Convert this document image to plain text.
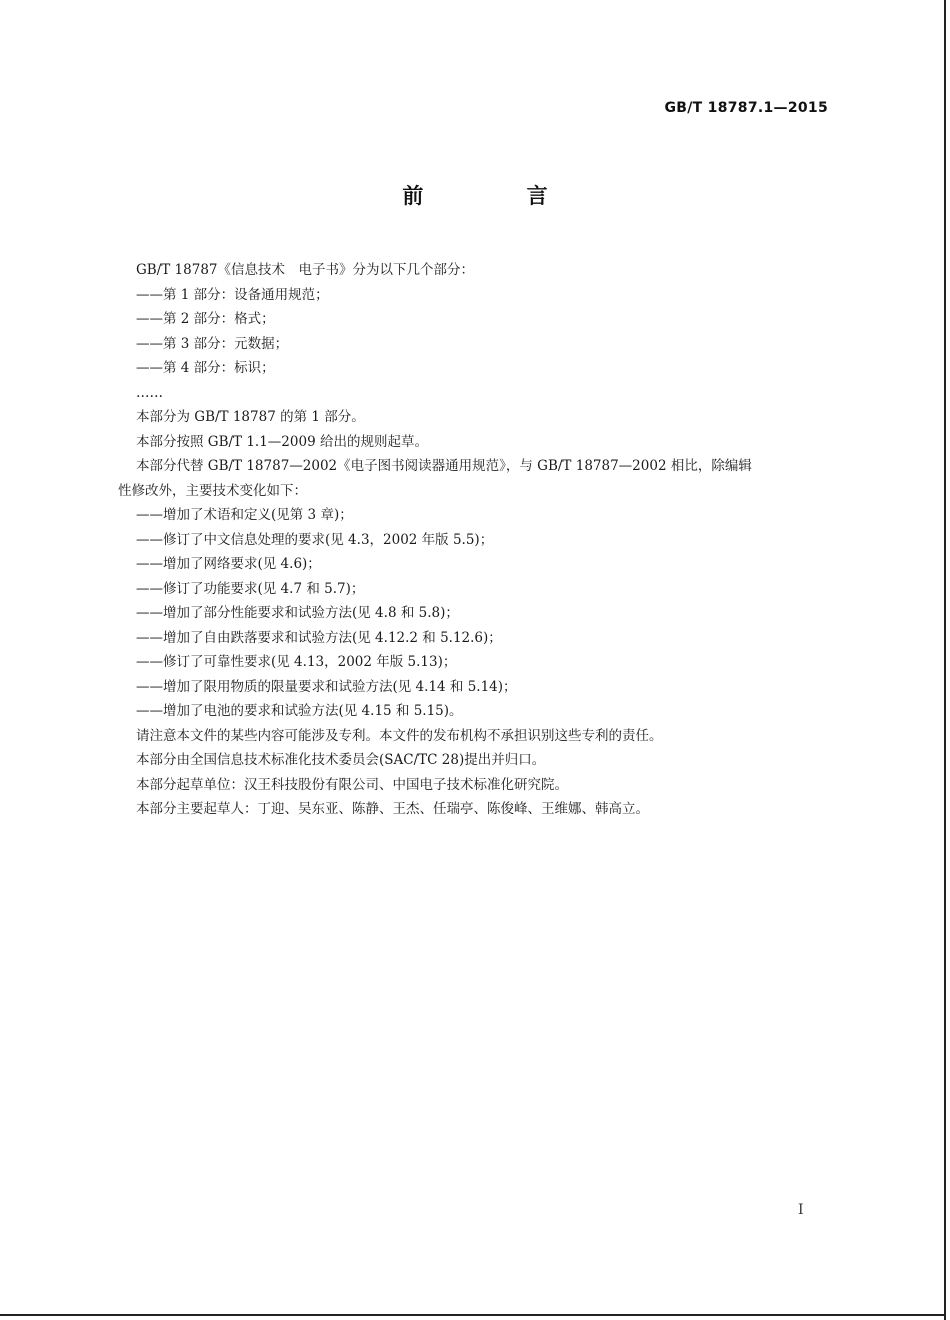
GB/T 18787.1—2015
前 言
GB/T 18787《信息技术　电子书》分为以下几个部分：
——第 1 部分：设备通用规范；
——第 2 部分：格式；
——第 3 部分：元数据；
——第 4 部分：标识；
……
本部分为 GB/T 18787 的第 1 部分。
本部分按照 GB/T 1.1—2009 给出的规则起草。
本部分代替 GB/T 18787—2002《电子图书阅读器通用规范》，与 GB/T 18787—2002 相比，除编辑
性修改外，主要技术变化如下：
——增加了术语和定义(见第 3 章)；
——修订了中文信息处理的要求(见 4.3，2002 年版 5.5)；
——增加了网络要求(见 4.6)；
——修订了功能要求(见 4.7 和 5.7)；
——增加了部分性能要求和试验方法(见 4.8 和 5.8)；
——增加了自由跌落要求和试验方法(见 4.12.2 和 5.12.6)；
——修订了可靠性要求(见 4.13，2002 年版 5.13)；
——增加了限用物质的限量要求和试验方法(见 4.14 和 5.14)；
——增加了电池的要求和试验方法(见 4.15 和 5.15)。
请注意本文件的某些内容可能涉及专利。本文件的发布机构不承担识别这些专利的责任。
本部分由全国信息技术标准化技术委员会(SAC/TC 28)提出并归口。
本部分起草单位：汉王科技股份有限公司、中国电子技术标准化研究院。
本部分主要起草人：丁迎、吴东亚、陈静、王杰、任瑞亭、陈俊峰、王维娜、韩高立。
I
